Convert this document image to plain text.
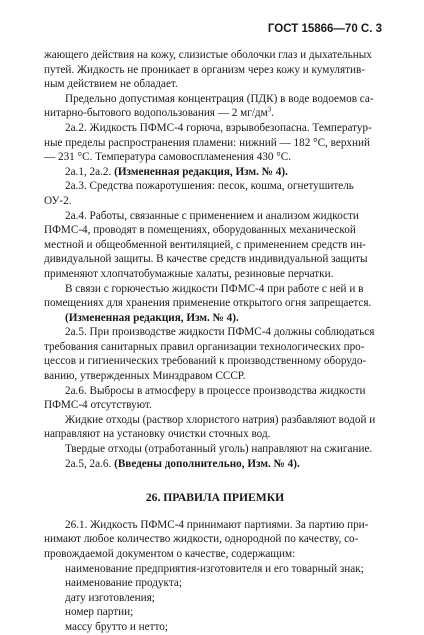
ГОСТ 15866—70 С. 3

жающего действия на кожу, слизистые оболочки глаз и дыхательных

путей. Жидкость не проникает в организм через кожу и кумулятив-

ным действием не обладает.

Предельно допустимая концентрация (ПДК) в воде водоемов са-

нитарно-бытового водопользования — 2 $мг/дм^3$.

2а.2. Жидкость ПФМС-4 горюча, взрывобезопасна. Температур-

ные пределы распространения пламени: нижний — 182 °С, верхний

— 231 °С. Температура самовоспламенения 430 °С.

2а.1, 2а.2. (Измененная редакция, Изм. № 4).

2а.3. Средства пожаротушения: песок, кошма, огнетушитель

ОУ-2.

2а.4. Работы, связанные с применением и анализом жидкости

ПФМС-4, проводят в помещениях, оборудованных механической

местной и общеобменной вентиляцией, с применением средств ин-

дивидуальной защиты. В качестве средств индивидуальной защиты

применяют хлопчатобумажные халаты, резиновые перчатки.

В связи с горючестью жидкости ПФМС-4 при работе с ней и в

помещениях для хранения применение открытого огня запрещается.

(Измененная редакция, Изм. № 4).

2а.5. При производстве жидкости ПФМС-4 должны соблюдаться

требования санитарных правил организации технологических про-

цессов и гигиенических требований к производственному оборудо-

ванию, утвержденных Минздравом СССР.

2а.6. Выбросы в атмосферу в процессе производства жидкости

ПФМС-4 отсутствуют.

Жидкие отходы (раствор хлористого натрия) разбавляют водой и

направляют на установку очистки сточных вод.

Твердые отходы (отработанный уголь) направляют на сжигание.

2а.5, 2а.6. (Введены дополнительно, Изм. № 4).

26. ПРАВИЛА ПРИЕМКИ

26.1. Жидкость ПФМС-4 принимают партиями. За партию при-

нимают любое количество жидкости, однородной по качеству, со-

провождаемой документом о качестве, содержащим:

наименование предприятия-изготовителя и его товарный знак;

наименование продукта;

дату изготовления;

номер партии;

массу брутто и нетто;
